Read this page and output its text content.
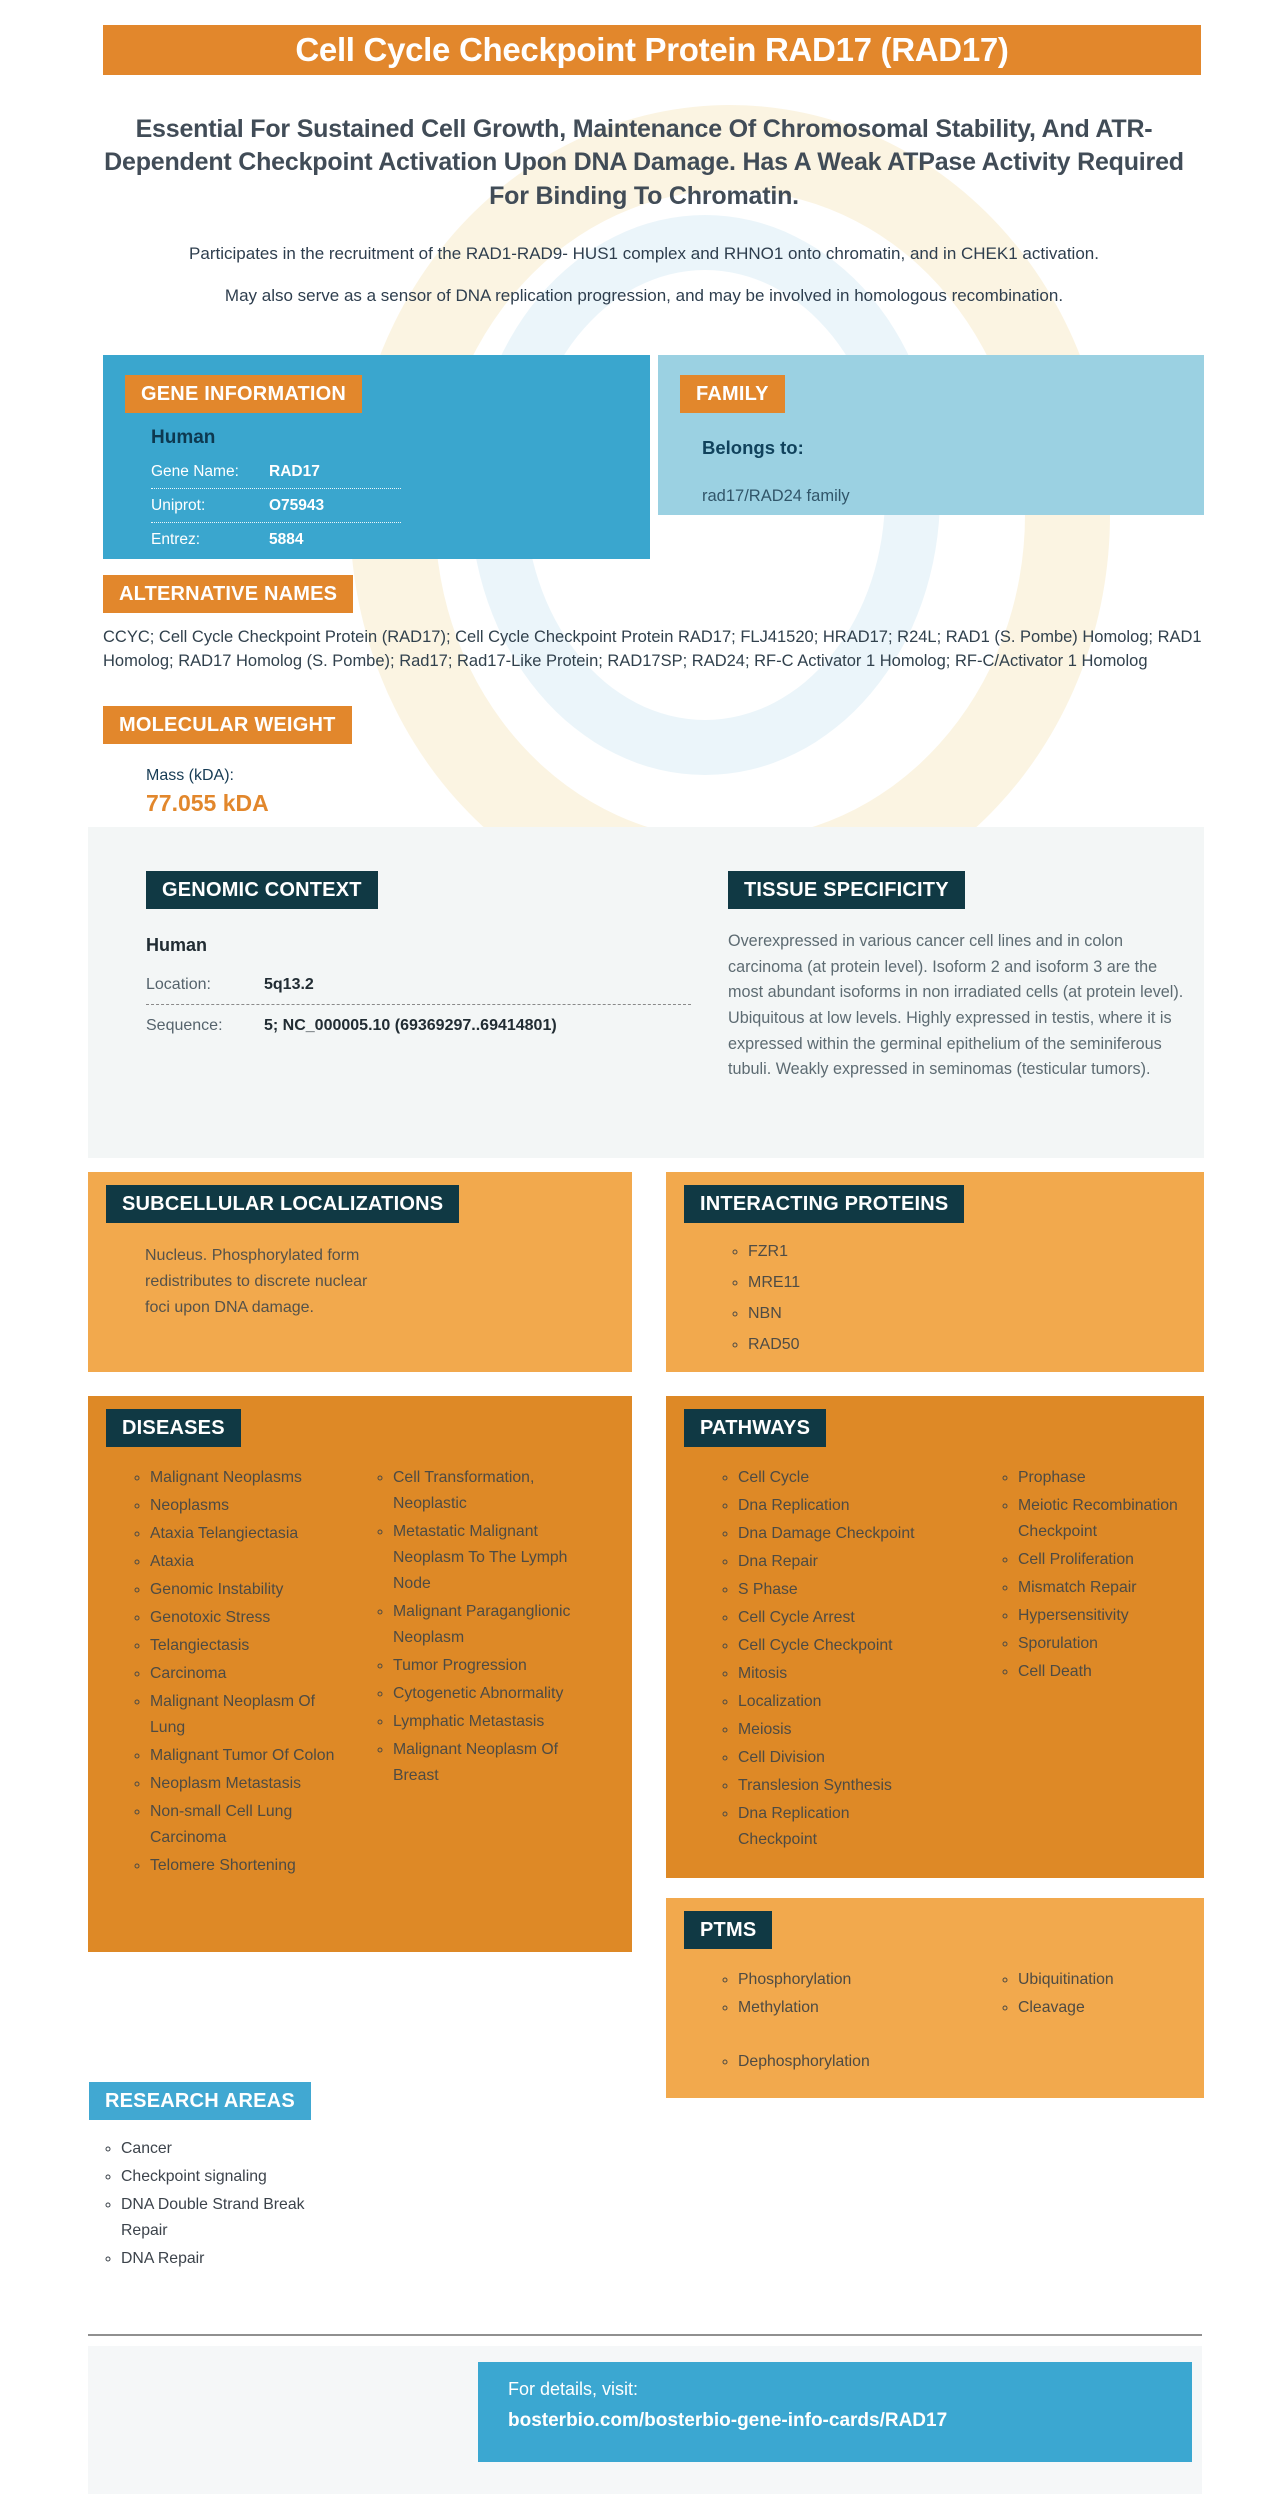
Cell Cycle Checkpoint Protein RAD17 (RAD17)
Essential For Sustained Cell Growth, Maintenance Of Chromosomal Stability, And ATR-Dependent Checkpoint Activation Upon DNA Damage. Has A Weak ATPase Activity Required For Binding To Chromatin.
Participates in the recruitment of the RAD1-RAD9- HUS1 complex and RHNO1 onto chromatin, and in CHEK1 activation.
May also serve as a sensor of DNA replication progression, and may be involved in homologous recombination.
GENE INFORMATION
Human
Gene Name:	RAD17
Uniprot:	O75943
Entrez:	5884
FAMILY
Belongs to:
rad17/RAD24 family
ALTERNATIVE NAMES
CCYC; Cell Cycle Checkpoint Protein (RAD17); Cell Cycle Checkpoint Protein RAD17; FLJ41520; HRAD17; R24L; RAD1 (S. Pombe) Homolog; RAD1 Homolog; RAD17 Homolog (S. Pombe); Rad17; Rad17-Like Protein; RAD17SP; RAD24; RF-C Activator 1 Homolog; RF-C/Activator 1 Homolog
MOLECULAR WEIGHT
Mass (kDA):
77.055 kDA
GENOMIC CONTEXT
Human
Location:	5q13.2
Sequence:	5; NC_000005.10 (69369297..69414801)
TISSUE SPECIFICITY
Overexpressed in various cancer cell lines and in colon carcinoma (at protein level). Isoform 2 and isoform 3 are the most abundant isoforms in non irradiated cells (at protein level). Ubiquitous at low levels. Highly expressed in testis, where it is expressed within the germinal epithelium of the seminiferous tubuli. Weakly expressed in seminomas (testicular tumors).
SUBCELLULAR LOCALIZATIONS
Nucleus. Phosphorylated form redistributes to discrete nuclear foci upon DNA damage.
INTERACTING PROTEINS
◦ FZR1
◦ MRE11
◦ NBN
◦ RAD50
DISEASES
◦ Malignant Neoplasms
◦ Neoplasms
◦ Ataxia Telangiectasia
◦ Ataxia
◦ Genomic Instability
◦ Genotoxic Stress
◦ Telangiectasis
◦ Carcinoma
◦ Malignant Neoplasm Of Lung
◦ Malignant Tumor Of Colon
◦ Neoplasm Metastasis
◦ Non-small Cell Lung Carcinoma
◦ Telomere Shortening
◦ Cell Transformation, Neoplastic
◦ Metastatic Malignant Neoplasm To The Lymph Node
◦ Malignant Paraganglionic Neoplasm
◦ Tumor Progression
◦ Cytogenetic Abnormality
◦ Lymphatic Metastasis
◦ Malignant Neoplasm Of Breast
PATHWAYS
◦ Cell Cycle
◦ Dna Replication
◦ Dna Damage Checkpoint
◦ Dna Repair
◦ S Phase
◦ Cell Cycle Arrest
◦ Cell Cycle Checkpoint
◦ Mitosis
◦ Localization
◦ Meiosis
◦ Cell Division
◦ Translesion Synthesis
◦ Dna Replication Checkpoint
◦ Prophase
◦ Meiotic Recombination Checkpoint
◦ Cell Proliferation
◦ Mismatch Repair
◦ Hypersensitivity
◦ Sporulation
◦ Cell Death
PTMS
◦ Phosphorylation
◦ Methylation
◦ Dephosphorylation
◦ Ubiquitination
◦ Cleavage
RESEARCH AREAS
◦ Cancer
◦ Checkpoint signaling
◦ DNA Double Strand Break Repair
◦ DNA Repair
For details, visit:
bosterbio.com/bosterbio-gene-info-cards/RAD17
